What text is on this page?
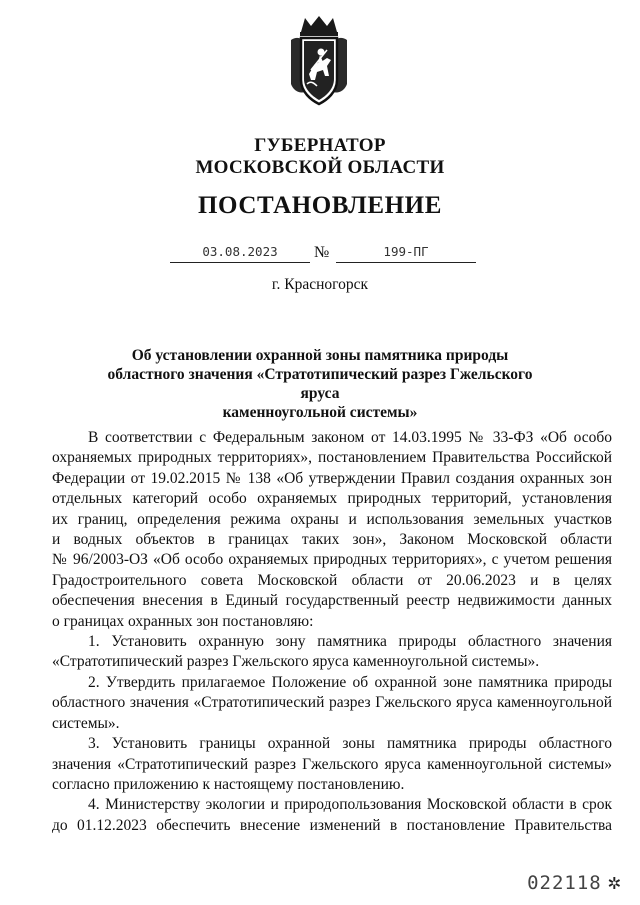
ГУБЕРНАТОР
МОСКОВСКОЙ ОБЛАСТИ
ПОСТАНОВЛЕНИЕ
03.08.2023	№	199-ПГ
г. Красногорск
Об установлении охранной зоны памятника природы
областного значения «Стратотипический разрез Гжельского яруса
каменноугольной системы»

В соответствии с Федеральным законом от 14.03.1995 № 33-ФЗ «Об особо
охраняемых природных территориях», постановлением Правительства Российской
Федерации от 19.02.2015 № 138 «Об утверждении Правил создания охранных зон
отдельных категорий особо охраняемых природных территорий, установления
их границ, определения режима охраны и использования земельных участков
и водных объектов в границах таких зон», Законом Московской области
№ 96/2003-ОЗ «Об особо охраняемых природных территориях», с учетом решения
Градостроительного совета Московской области от 20.06.2023 и в целях
обеспечения внесения в Единый государственный реестр недвижимости данных
о границах охранных зон постановляю:

1. Установить охранную зону памятника природы областного значения
«Стратотипический разрез Гжельского яруса каменноугольной системы».

2. Утвердить прилагаемое Положение об охранной зоне памятника природы
областного значения «Стратотипический разрез Гжельского яруса каменноугольной
системы».

3. Установить границы охранной зоны памятника природы областного
значения «Стратотипический разрез Гжельского яруса каменноугольной системы»
согласно приложению к настоящему постановлению.

4. Министерству экологии и природопользования Московской области в срок
до 01.12.2023 обеспечить внесение изменений в постановление Правительства

022118 ✲
